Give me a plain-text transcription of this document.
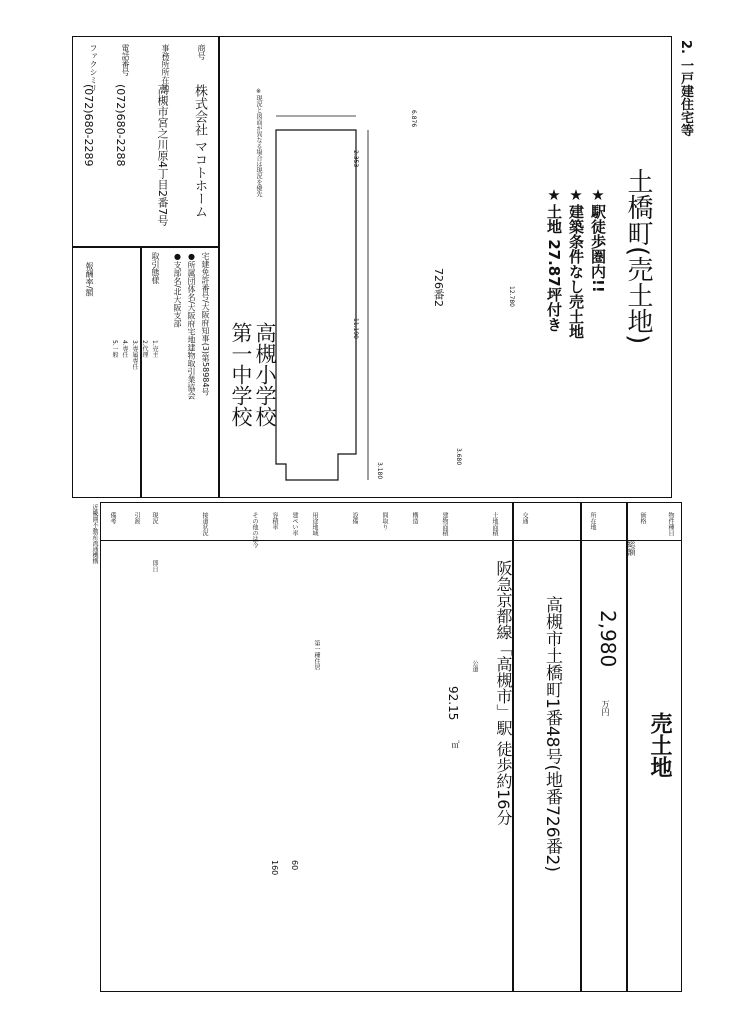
2. 一戸建住宅等
商号
株式会社 マコトホーム
事務所所在地
高槻市宮之川原4丁目2番7号
電話番号
(072)680-2288
ファクシミリ
(072)680-2289
宅建免許番号/大阪府知事(3)第58984号
●所属団体名/大阪府宅地建物取引業協会
●支部名/北大阪支部
取引態様
1.売主
2.代理
3.専属専任
4.専任
5.一般
報酬率/額
6.876
2.353
12.780
11.190
3.680
3.180
726番2
※現況と図面が異なる場合は現況を優先
高槻小学校
第一中学校
★駅徒歩圏内!!
★建築条件なし売土地
★土地 27.87坪付き 土橋町(売土地)
物件種目
価格
所在地
交通
土地面積
建物面積
構造
間取り
設備
用途地域
建ぺい率
容積率
その他の法令
接道状況
現況
引渡
売土地
総額
2,980
万円
高槻市土橋町1番48号(地番726番2)
阪急京都線「高槻市」駅 徒歩約16分
92.15
㎡
公道
第一種住居
60
160
即日
備考
近畿圏不動産流通機構
